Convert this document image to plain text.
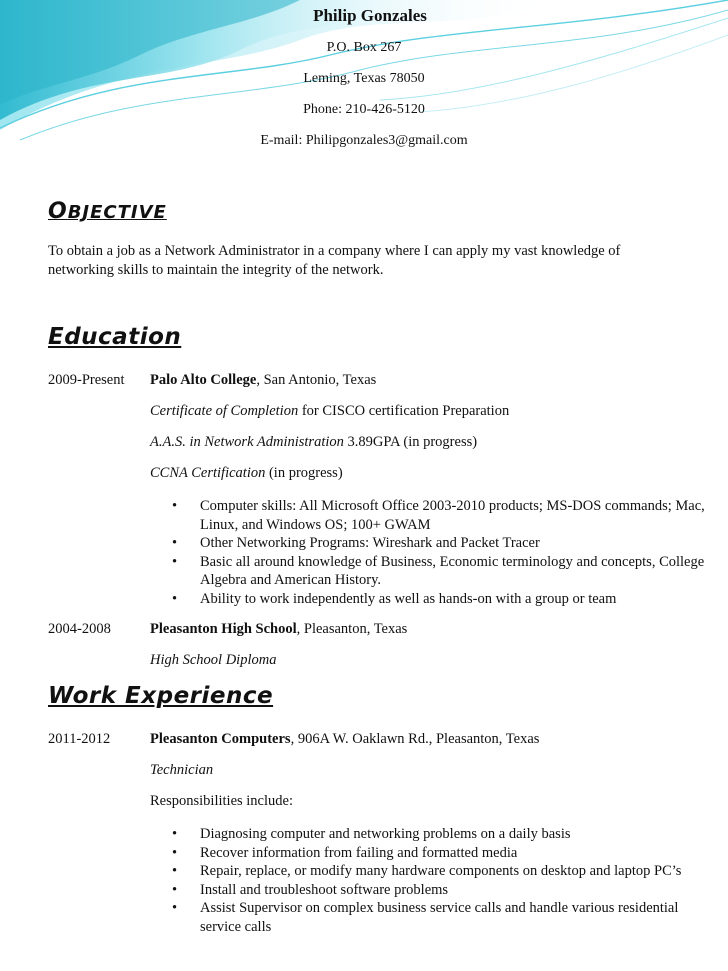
Philip Gonzales
P.O. Box 267
Leming, Texas 78050
Phone: 210-426-5120
E-mail: Philipgonzales3@gmail.com
OBJECTIVE
To obtain a job as a Network Administrator in a company where I can apply my vast knowledge of networking skills to maintain the integrity of the network.
Education
2009-Present Palo Alto College, San Antonio, Texas
Certificate of Completion for CISCO certification Preparation
A.A.S. in Network Administration 3.89GPA (in progress)
CCNA Certification (in progress)
• Computer skills: All Microsoft Office 2003-2010 products; MS-DOS commands; Mac, Linux, and Windows OS; 100+ GWAM
• Other Networking Programs: Wireshark and Packet Tracer
• Basic all around knowledge of Business, Economic terminology and concepts, College Algebra and American History.
• Ability to work independently as well as hands-on with a group or team
2004-2008	Pleasanton High School, Pleasanton, Texas
High School Diploma
Work Experience
2011-2012	Pleasanton Computers, 906A W. Oaklawn Rd., Pleasanton, Texas
Technician
Responsibilities include:
• Diagnosing computer and networking problems on a daily basis
• Recover information from failing and formatted media
• Repair, replace, or modify many hardware components on desktop and laptop PC’s
• Install and troubleshoot software problems
• Assist Supervisor on complex business service calls and handle various residential service calls
